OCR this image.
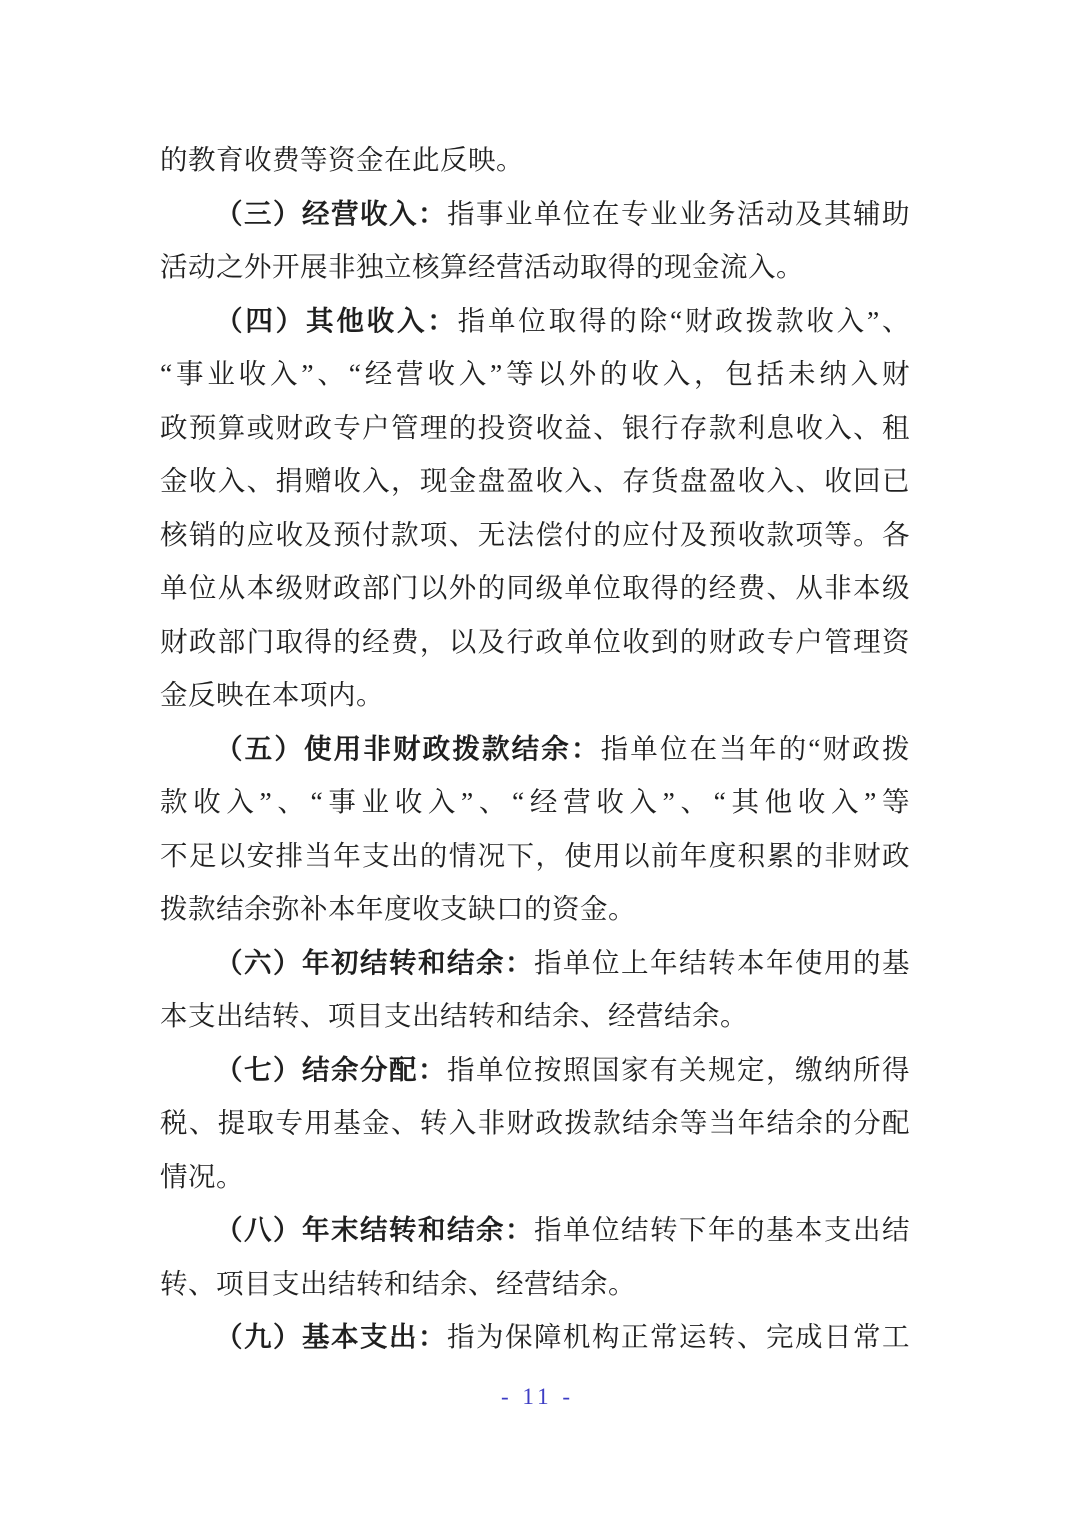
的教育收费等资金在此反映。
（三）经营收入：指事业单位在专业业务活动及其辅助
活动之外开展非独立核算经营活动取得的现金流入。
（四）其他收入：指单位取得的除“财政拨款收入”、
“事业收入”、“经营收入”等以外的收入，包括未纳入财
政预算或财政专户管理的投资收益、银行存款利息收入、租
金收入、捐赠收入，现金盘盈收入、存货盘盈收入、收回已
核销的应收及预付款项、无法偿付的应付及预收款项等。各
单位从本级财政部门以外的同级单位取得的经费、从非本级
财政部门取得的经费，以及行政单位收到的财政专户管理资
金反映在本项内。
（五）使用非财政拨款结余：指单位在当年的“财政拨
款收入”、“事业收入”、“经营收入”、“其他收入”等
不足以安排当年支出的情况下，使用以前年度积累的非财政
拨款结余弥补本年度收支缺口的资金。
（六）年初结转和结余：指单位上年结转本年使用的基
本支出结转、项目支出结转和结余、经营结余。
（七）结余分配：指单位按照国家有关规定，缴纳所得
税、提取专用基金、转入非财政拨款结余等当年结余的分配
情况。
（八）年末结转和结余：指单位结转下年的基本支出结
转、项目支出结转和结余、经营结余。
（九）基本支出：指为保障机构正常运转、完成日常工
- 11 -
